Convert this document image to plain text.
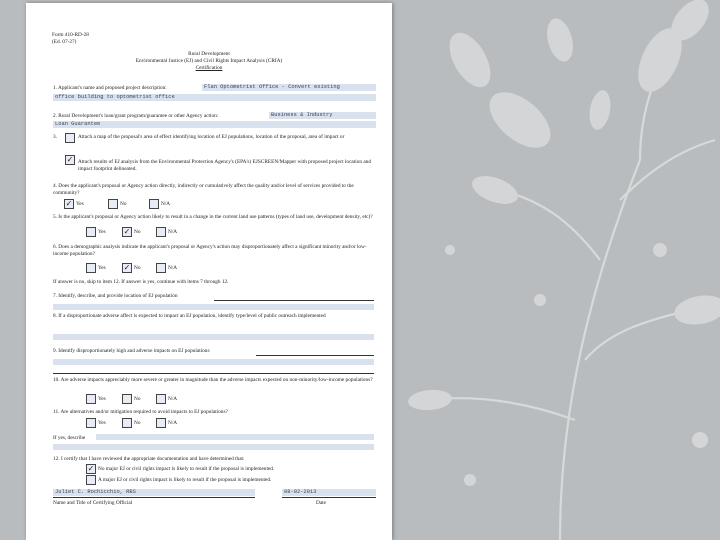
Form 410-RD-28
(Ed. 07-27)
Rural Development
Environmental Justice (EJ) and Civil Rights Impact Analysis (CRIA)
Certification
1. Applicant's name and proposed project description:	Flan Optometrist Office - Convert existing
office building to optometrist office
2. Rural Development's loan/grant program/guarantee or other Agency action:	Business & Industry
Loan Guarantee
3.	Attach a map of the proposal's area of effect identifying location of EJ populations, location of the proposal, area of impact or
✓ Attach results of EJ analysis from the Environmental Protection Agency's (EPA's) EJSCREEN/Mapper with proposed project location and impact footprint delineated.
4. Does the applicant's proposal or Agency action directly, indirectly or cumulatively affect the quality and/or level of services provided to the community?
✓ Yes	No	N/A
5. Is the applicant's proposal or Agency action likely to result in a change in the current land use patterns (types of land use, development density, etc)?
Yes ✓ No	N/A
6. Does a demographic analysis indicate the applicant's proposal or Agency's action may disproportionately affect a significant minority and/or low-income population?
Yes ✓ No	N/A
If answer is no, skip to item 12. If answer is yes, continue with items 7 through 12.
7. Identify, describe, and provide location of EJ population
8. If a disproportionate adverse affect is expected to impact an EJ population, identify type/level of public outreach implemented
9. Identify disproportionately high and adverse impacts on EJ populations
10. Are adverse impacts appreciably more severe or greater in magnitude than the adverse impacts expected on non-minority/low-income populations?
Yes	No	N/A
11. Are alternatives and/or mitigation required to avoid impacts to EJ populations?
Yes	No	N/A
If yes, describe
12. I certify that I have reviewed the appropriate documentation and have determined that:
✓ No major EJ or civil rights impact is likely to result if the proposal is implemented.
A major EJ or civil rights impact is likely to result if the proposal is implemented.
Juliet C. Rochicchio, RBS	08-02-2013
Name and Title of Certifying Official	Date
